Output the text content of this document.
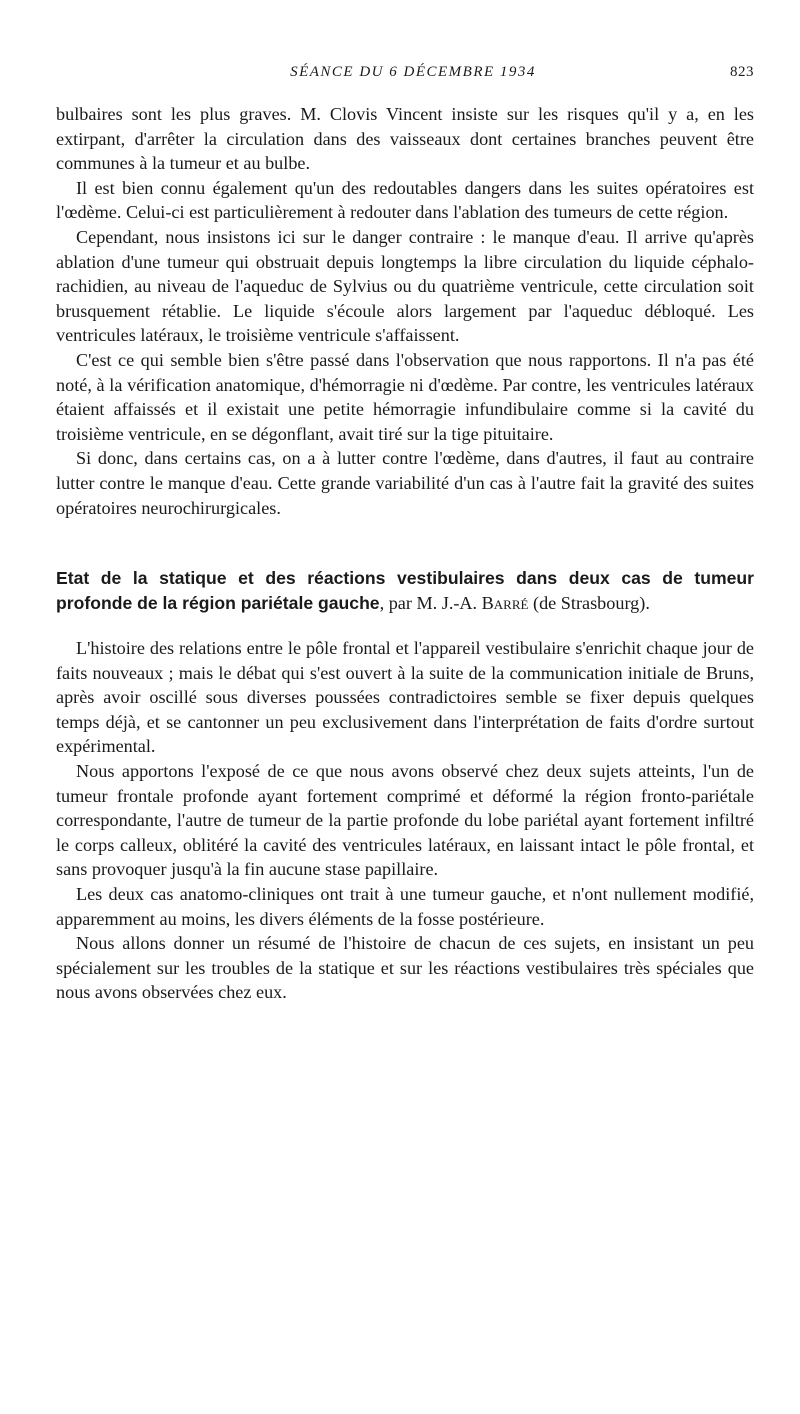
SÉANCE DU 6 DÉCEMBRE 1934	823

bulbaires sont les plus graves. M. Clovis Vincent insiste sur les risques qu'il y a, en les extirpant, d'arrêter la circulation dans des vaisseaux dont certaines branches peuvent être communes à la tumeur et au bulbe.

Il est bien connu également qu'un des redoutables dangers dans les suites opératoires est l'œdème. Celui-ci est particulièrement à redouter dans l'ablation des tumeurs de cette région.

Cependant, nous insistons ici sur le danger contraire : le manque d'eau. Il arrive qu'après ablation d'une tumeur qui obstruait depuis longtemps la libre circulation du liquide céphalo-rachidien, au niveau de l'aqueduc de Sylvius ou du quatrième ventricule, cette circulation soit brusquement rétablie. Le liquide s'écoule alors largement par l'aqueduc débloqué. Les ventricules latéraux, le troisième ventricule s'affaissent.

C'est ce qui semble bien s'être passé dans l'observation que nous rapportons. Il n'a pas été noté, à la vérification anatomique, d'hémorragie ni d'œdème. Par contre, les ventricules latéraux étaient affaissés et il existait une petite hémorragie infundibulaire comme si la cavité du troisième ventricule, en se dégonflant, avait tiré sur la tige pituitaire.

Si donc, dans certains cas, on a à lutter contre l'œdème, dans d'autres, il faut au contraire lutter contre le manque d'eau. Cette grande variabilité d'un cas à l'autre fait la gravité des suites opératoires neurochirurgicales.

Etat de la statique et des réactions vestibulaires dans deux cas de tumeur profonde de la région pariétale gauche, par M. J.-A. Barré (de Strasbourg).

L'histoire des relations entre le pôle frontal et l'appareil vestibulaire s'enrichit chaque jour de faits nouveaux ; mais le débat qui s'est ouvert à la suite de la communication initiale de Bruns, après avoir oscillé sous diverses poussées contradictoires semble se fixer depuis quelques temps déjà, et se cantonner un peu exclusivement dans l'interprétation de faits d'ordre surtout expérimental.

Nous apportons l'exposé de ce que nous avons observé chez deux sujets atteints, l'un de tumeur frontale profonde ayant fortement comprimé et déformé la région fronto-pariétale correspondante, l'autre de tumeur de la partie profonde du lobe pariétal ayant fortement infiltré le corps calleux, oblitéré la cavité des ventricules latéraux, en laissant intact le pôle frontal, et sans provoquer jusqu'à la fin aucune stase papillaire.

Les deux cas anatomo-cliniques ont trait à une tumeur gauche, et n'ont nullement modifié, apparemment au moins, les divers éléments de la fosse postérieure.

Nous allons donner un résumé de l'histoire de chacun de ces sujets, en insistant un peu spécialement sur les troubles de la statique et sur les réactions vestibulaires très spéciales que nous avons observées chez eux.
